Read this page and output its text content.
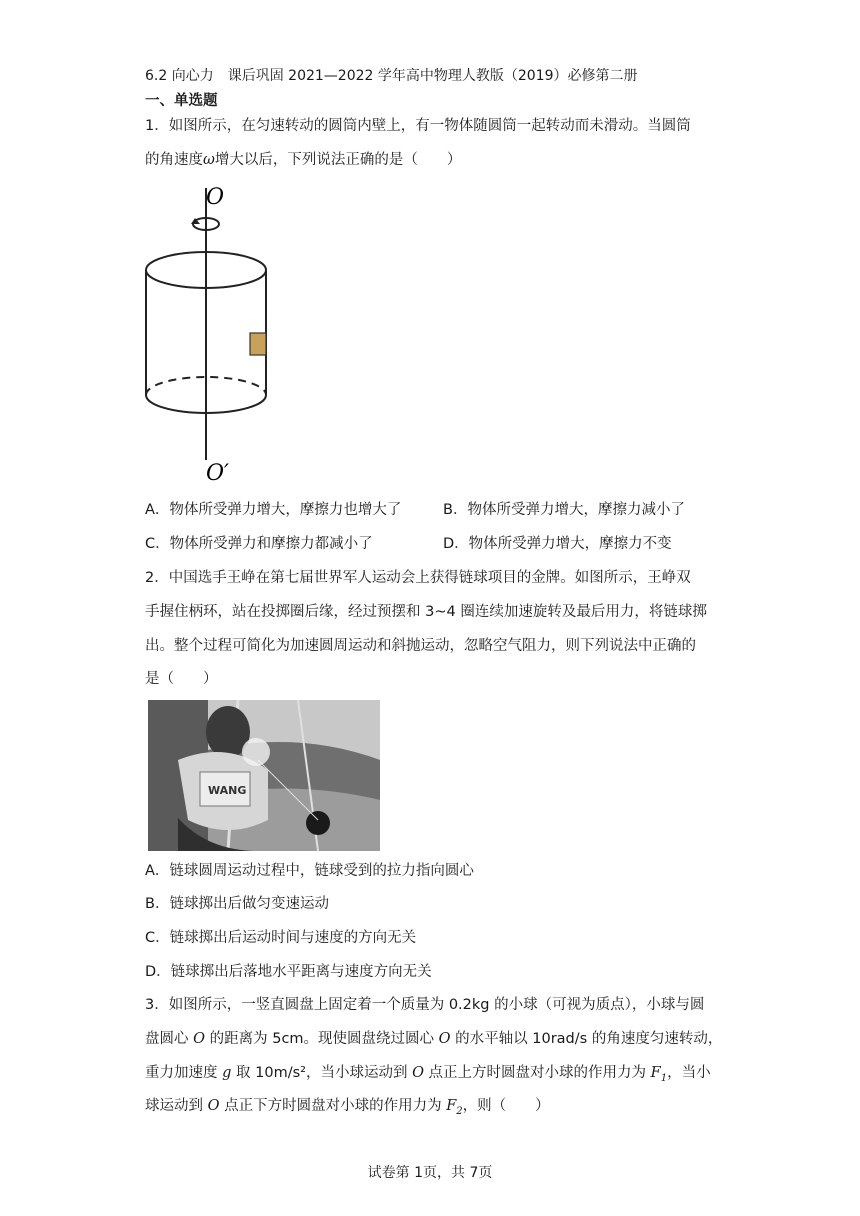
6.2 向心力　课后巩固 2021—2022 学年高中物理人教版（2019）必修第二册
一、单选题
1．如图所示，在匀速转动的圆筒内壁上，有一物体随圆筒一起转动而未滑动。当圆筒
的角速度ω增大以后，下列说法正确的是（　　）
O
O′
A．物体所受弹力增大，摩擦力也增大了	B．物体所受弹力增大，摩擦力减小了
C．物体所受弹力和摩擦力都减小了	D．物体所受弹力增大，摩擦力不变
2．中国选手王峥在第七届世界军人运动会上获得链球项目的金牌。如图所示，王峥双
手握住柄环，站在投掷圈后缘，经过预摆和 3~4 圈连续加速旋转及最后用力，将链球掷
出。整个过程可简化为加速圆周运动和斜抛运动，忽略空气阻力，则下列说法中正确的
是（　　）
WANG
A．链球圆周运动过程中，链球受到的拉力指向圆心
B．链球掷出后做匀变速运动
C．链球掷出后运动时间与速度的方向无关
D．链球掷出后落地水平距离与速度方向无关
3．如图所示，一竖直圆盘上固定着一个质量为 0.2kg 的小球（可视为质点），小球与圆
盘圆心 O 的距离为 5cm。现使圆盘绕过圆心 O 的水平轴以 10rad/s 的角速度匀速转动，
重力加速度 g 取 10m/s²，当小球运动到 O 点正上方时圆盘对小球的作用力为 $F_1$，当小
球运动到 O 点正下方时圆盘对小球的作用力为 $F_2$，则（　　）
试卷第 1页，共 7页
